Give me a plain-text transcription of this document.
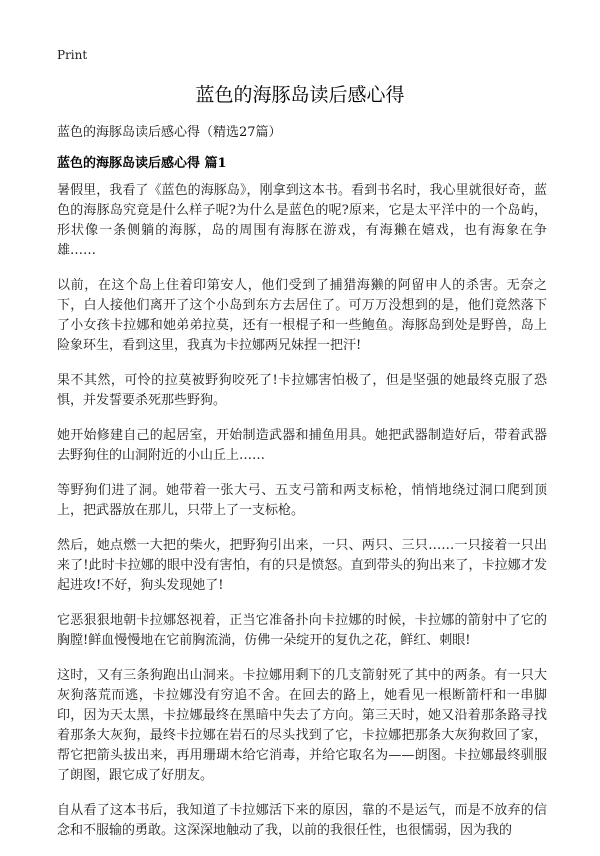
Print
蓝色的海豚岛读后感心得

蓝色的海豚岛读后感心得（精选27篇）

蓝色的海豚岛读后感心得 篇1

暑假里，我看了《蓝色的海豚岛》，刚拿到这本书。看到书名时，我心里就很好奇，蓝色的海豚岛究竟是什么样子呢?为什么是蓝色的呢?原来，它是太平洋中的一个岛屿，形状像一条侧躺的海豚，岛的周围有海豚在游戏，有海獭在嬉戏，也有海象在争雄……

以前，在这个岛上住着印第安人，他们受到了捕猎海獭的阿留申人的杀害。无奈之下，白人接他们离开了这个小岛到东方去居住了。可万万没想到的是，他们竟然落下了小女孩卡拉娜和她弟弟拉莫，还有一根棍子和一些鲍鱼。海豚岛到处是野兽，岛上险象环生，看到这里，我真为卡拉娜两兄妹捏一把汗!

果不其然，可怜的拉莫被野狗咬死了!卡拉娜害怕极了，但是坚强的她最终克服了恐惧，并发誓要杀死那些野狗。

她开始修建自己的起居室，开始制造武器和捕鱼用具。她把武器制造好后，带着武器去野狗住的山洞附近的小山丘上……

等野狗们进了洞。她带着一张大弓、五支弓箭和两支标枪，悄悄地绕过洞口爬到顶上，把武器放在那儿，只带上了一支标枪。

然后，她点燃一大把的柴火，把野狗引出来，一只、两只、三只……一只接着一只出来了!此时卡拉娜的眼中没有害怕，有的只是愤怒。直到带头的狗出来了，卡拉娜才发起进攻!不好，狗头发现她了!

它恶狠狠地朝卡拉娜怒视着，正当它准备扑向卡拉娜的时候，卡拉娜的箭射中了它的胸膛!鲜血慢慢地在它前胸流淌，仿佛一朵绽开的复仇之花，鲜红、刺眼!

这时，又有三条狗跑出山洞来。卡拉娜用剩下的几支箭射死了其中的两条。有一只大灰狗落荒而逃，卡拉娜没有穷追不舍。在回去的路上，她看见一根断箭杆和一串脚印，因为天太黑，卡拉娜最终在黑暗中失去了方向。第三天时，她又沿着那条路寻找着那条大灰狗，最终卡拉娜在岩石的尽头找到了它，卡拉娜把那条大灰狗救回了家，帮它把箭头拔出来，再用珊瑚木给它消毒，并给它取名为——朗图。卡拉娜最终驯服了朗图，跟它成了好朋友。

自从看了这本书后，我知道了卡拉娜活下来的原因，靠的不是运气，而是不放弃的信念和不服输的勇敢。这深深地触动了我，以前的我很任性，也很懦弱，因为我的
